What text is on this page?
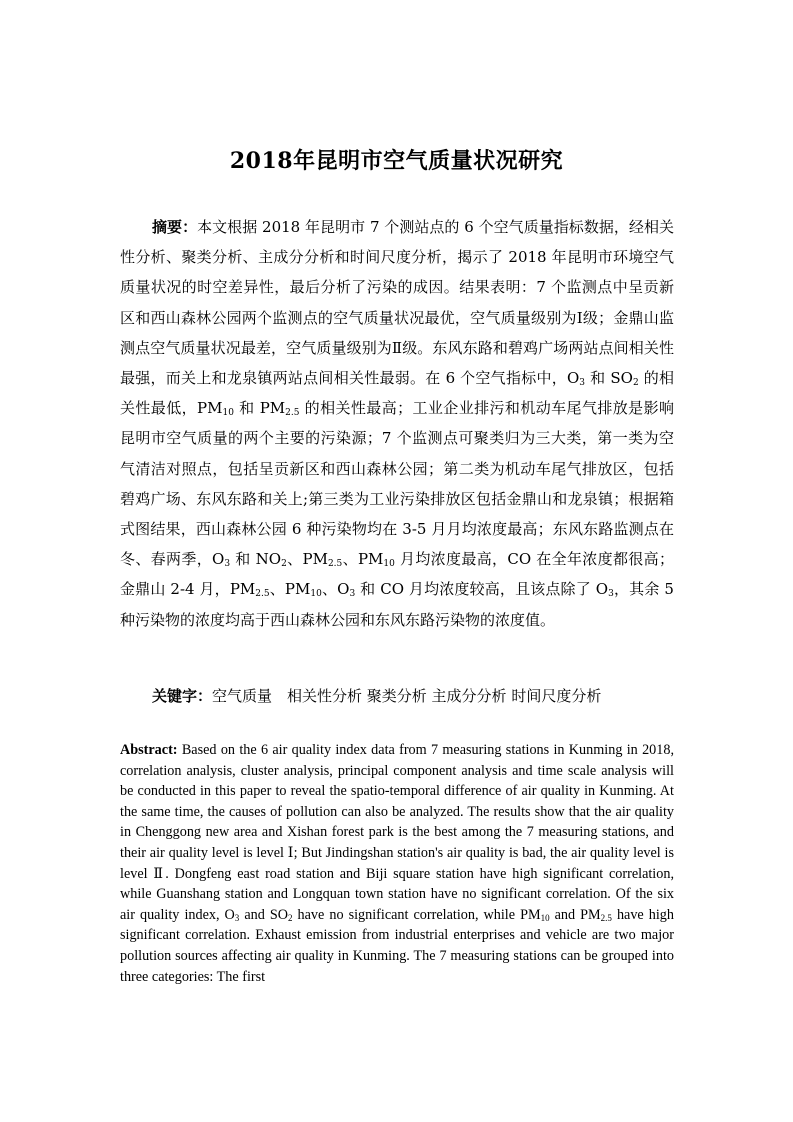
2018年昆明市空气质量状况研究

摘要：本文根据 2018 年昆明市 7 个测站点的 6 个空气质量指标数据，经相关性分析、聚类分析、主成分分析和时间尺度分析，揭示了 2018 年昆明市环境空气质量状况的时空差异性，最后分析了污染的成因。结果表明：7 个监测点中呈贡新区和西山森林公园两个监测点的空气质量状况最优，空气质量级别为Ⅰ级；金鼎山监测点空气质量状况最差，空气质量级别为Ⅱ级。东风东路和碧鸡广场两站点间相关性最强，而关上和龙泉镇两站点间相关性最弱。在 6 个空气指标中，$O_3$ 和 $SO_2$ 的相关性最低，$PM_{10}$ 和 $PM_{2.5}$ 的相关性最高；工业企业排污和机动车尾气排放是影响昆明市空气质量的两个主要的污染源；7 个监测点可聚类归为三大类，第一类为空气清洁对照点，包括呈贡新区和西山森林公园；第二类为机动车尾气排放区，包括碧鸡广场、东风东路和关上;第三类为工业污染排放区包括金鼎山和龙泉镇；根据箱式图结果，西山森林公园 6 种污染物均在 3-5 月月均浓度最高；东风东路监测点在冬、春两季，$O_3$ 和 $NO_2$、$PM_{2.5}$、$PM_{10}$ 月均浓度最高，CO 在全年浓度都很高；金鼎山 2-4 月，$PM_{2.5}$、$PM_{10}$、$O_3$ 和 CO 月均浓度较高，且该点除了 $O_3$，其余 5 种污染物的浓度均高于西山森林公园和东风东路污染物的浓度值。

关键字：空气质量　相关性分析 聚类分析 主成分分析 时间尺度分析

Abstract: Based on the 6 air quality index data from 7 measuring stations in Kunming in 2018, correlation analysis, cluster analysis, principal component analysis and time scale analysis will be conducted in this paper to reveal the spatio-temporal difference of air quality in Kunming. At the same time, the causes of pollution can also be analyzed. The results show that the air quality in Chenggong new area and Xishan forest park is the best among the 7 measuring stations, and their air quality level is level Ⅰ; But Jindingshan station's air quality is bad, the air quality level is level Ⅱ. Dongfeng east road station and Biji square station have high significant correlation, while Guanshang station and Longquan town station have no significant correlation. Of the six air quality index, $O_3$ and $SO_2$ have no significant correlation, while $PM_{10}$ and $PM_{2.5}$ have high significant correlation. Exhaust emission from industrial enterprises and vehicle are two major pollution sources affecting air quality in Kunming. The 7 measuring stations can be grouped into three categories: The first
